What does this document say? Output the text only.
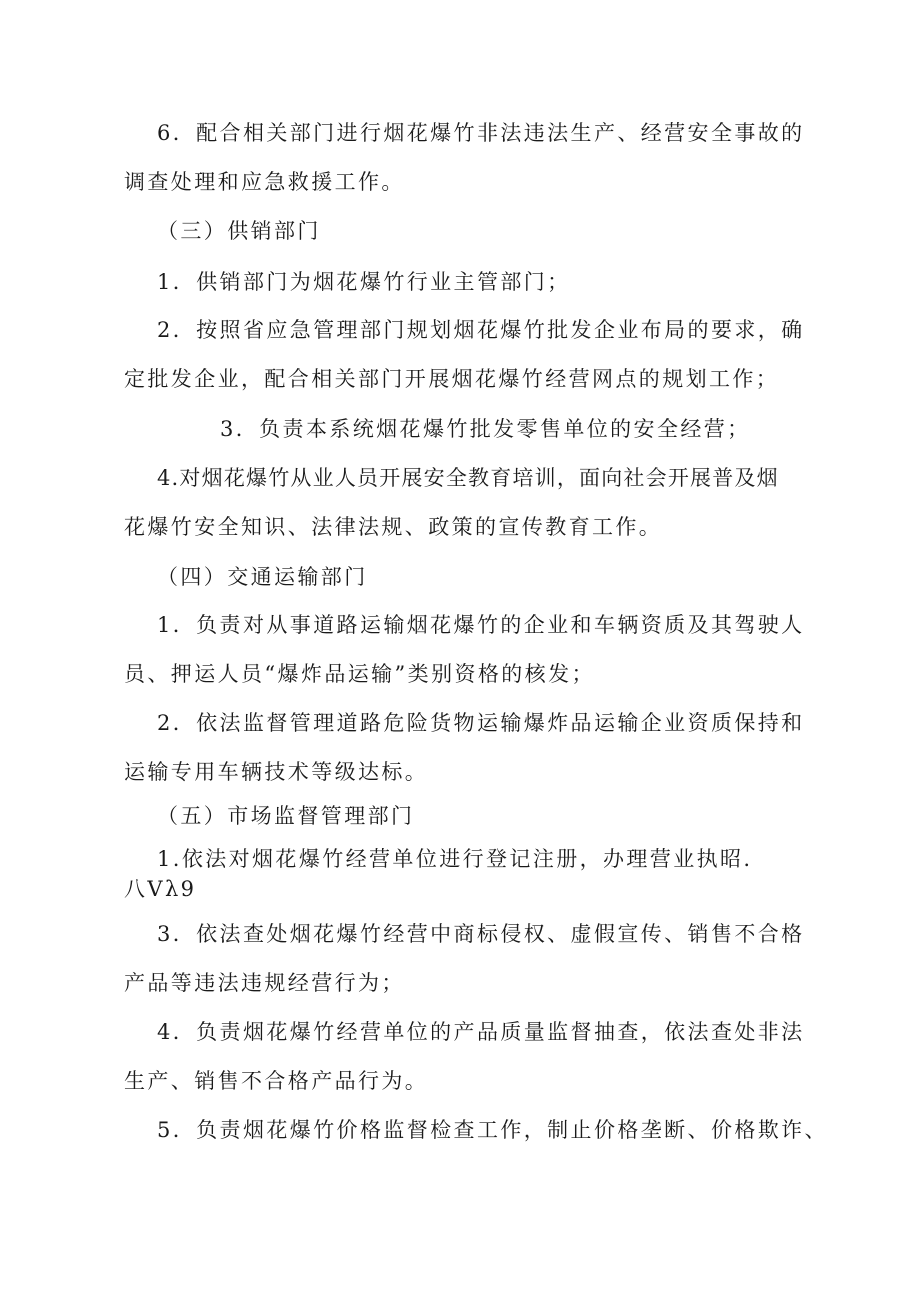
6．配合相关部门进行烟花爆竹非法违法生产、经营安全事故的
调查处理和应急救援工作。
（三）供销部门
1．供销部门为烟花爆竹行业主管部门；
2．按照省应急管理部门规划烟花爆竹批发企业布局的要求，确
定批发企业，配合相关部门开展烟花爆竹经营网点的规划工作；
3．负责本系统烟花爆竹批发零售单位的安全经营；
4.对烟花爆竹从业人员开展安全教育培训，面向社会开展普及烟
花爆竹安全知识、法律法规、政策的宣传教育工作。
（四）交通运输部门
1．负责对从事道路运输烟花爆竹的企业和车辆资质及其驾驶人
员、押运人员“爆炸品运输”类别资格的核发；
2．依法监督管理道路危险货物运输爆炸品运输企业资质保持和
运输专用车辆技术等级达标。
（五）市场监督管理部门
1.依法对烟花爆竹经营单位进行登记注册，办理营业执昭.
八Ⅴλ9
3．依法查处烟花爆竹经营中商标侵权、虚假宣传、销售不合格
产品等违法违规经营行为；
4．负责烟花爆竹经营单位的产品质量监督抽查，依法查处非法
生产、销售不合格产品行为。
5．负责烟花爆竹价格监督检查工作，制止价格垄断、价格欺诈、
